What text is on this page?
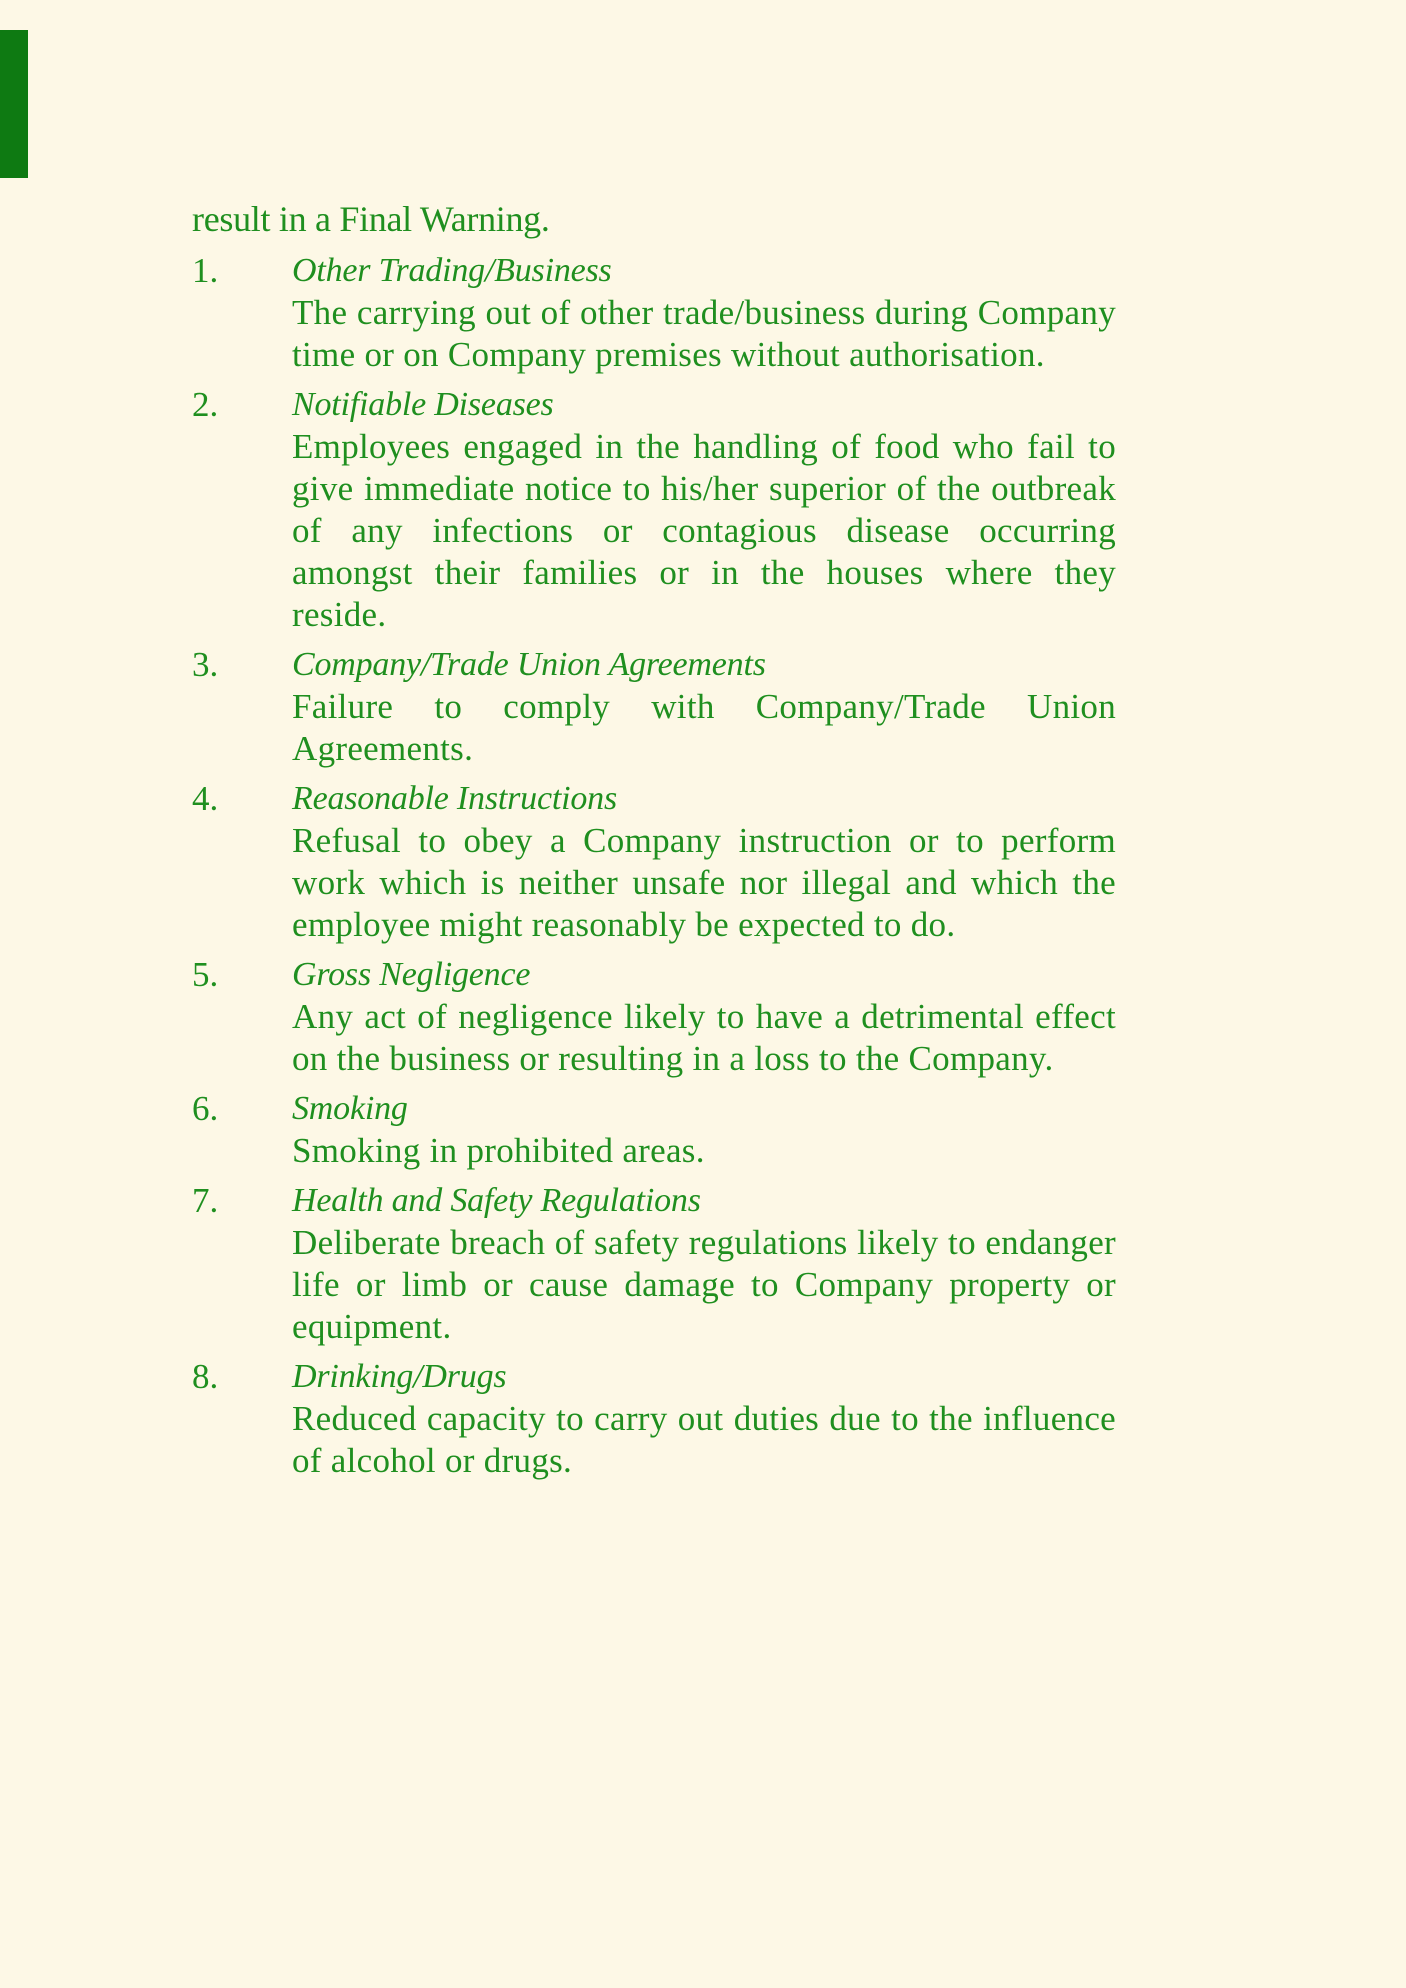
result in a Final Warning.

1.	Other Trading/Business
The carrying out of other trade/business during Company time or on Company premises without authorisation.
2.	Notifiable Diseases
Employees engaged in the handling of food who fail to give immediate notice to his/her superior of the outbreak of any infections or contagious disease occurring amongst their families or in the houses where they reside.
3.	Company/Trade Union Agreements
Failure to comply with Company/Trade Union Agreements.
4.	Reasonable Instructions
Refusal to obey a Company instruction or to perform work which is neither unsafe nor illegal and which the employee might reasonably be expected to do.
5.	Gross Negligence
Any act of negligence likely to have a detrimental effect on the business or resulting in a loss to the Company.
6.	Smoking
Smoking in prohibited areas.
7.	Health and Safety Regulations
Deliberate breach of safety regulations likely to endanger life or limb or cause damage to Company property or equipment.
8.	Drinking/Drugs
Reduced capacity to carry out duties due to the influence of alcohol or drugs.
